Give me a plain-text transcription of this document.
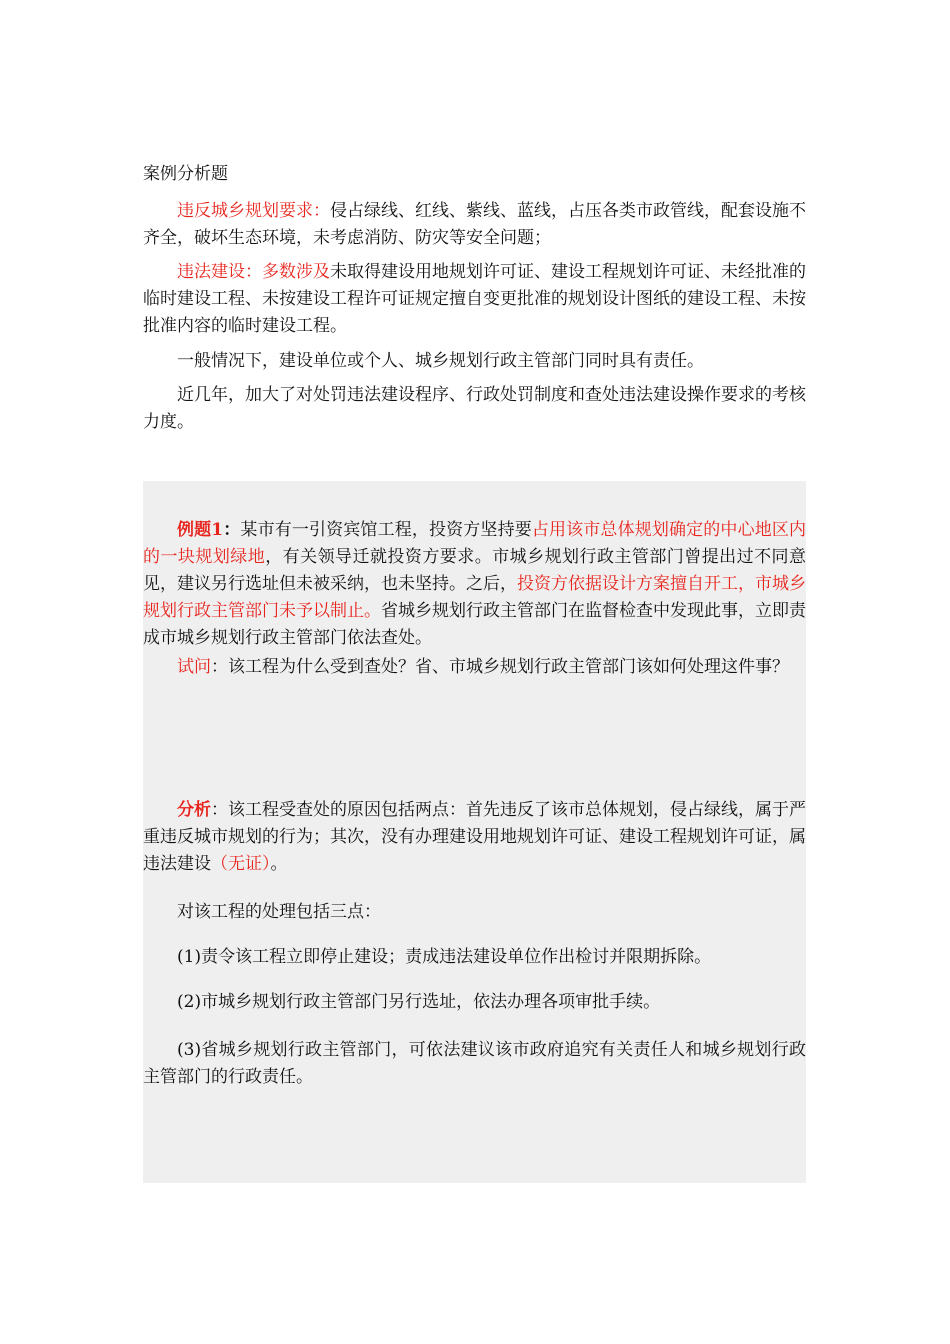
案例分析题

违反城乡规划要求：侵占绿线、红线、紫线、蓝线，占压各类市政管线，配套设施不齐全，破坏生态环境，未考虑消防、防灾等安全问题；

违法建设：多数涉及未取得建设用地规划许可证、建设工程规划许可证、未经批准的临时建设工程、未按建设工程许可证规定擅自变更批准的规划设计图纸的建设工程、未按批准内容的临时建设工程。

一般情况下，建设单位或个人、城乡规划行政主管部门同时具有责任。

近几年，加大了对处罚违法建设程序、行政处罚制度和查处违法建设操作要求的考核力度。

例题1：某市有一引资宾馆工程，投资方坚持要占用该市总体规划确定的中心地区内的一块规划绿地，有关领导迁就投资方要求。市城乡规划行政主管部门曾提出过不同意见，建议另行选址但未被采纳，也未坚持。之后，投资方依据设计方案擅自开工，市城乡规划行政主管部门未予以制止。省城乡规划行政主管部门在监督检查中发现此事，立即责成市城乡规划行政主管部门依法查处。

试问：该工程为什么受到查处？省、市城乡规划行政主管部门该如何处理这件事？

分析：该工程受查处的原因包括两点：首先违反了该市总体规划，侵占绿线，属于严重违反城市规划的行为；其次，没有办理建设用地规划许可证、建设工程规划许可证，属违法建设（无证）。

对该工程的处理包括三点：

(1)责令该工程立即停止建设；责成违法建设单位作出检讨并限期拆除。

(2)市城乡规划行政主管部门另行选址，依法办理各项审批手续。

(3)省城乡规划行政主管部门，可依法建议该市政府追究有关责任人和城乡规划行政主管部门的行政责任。
